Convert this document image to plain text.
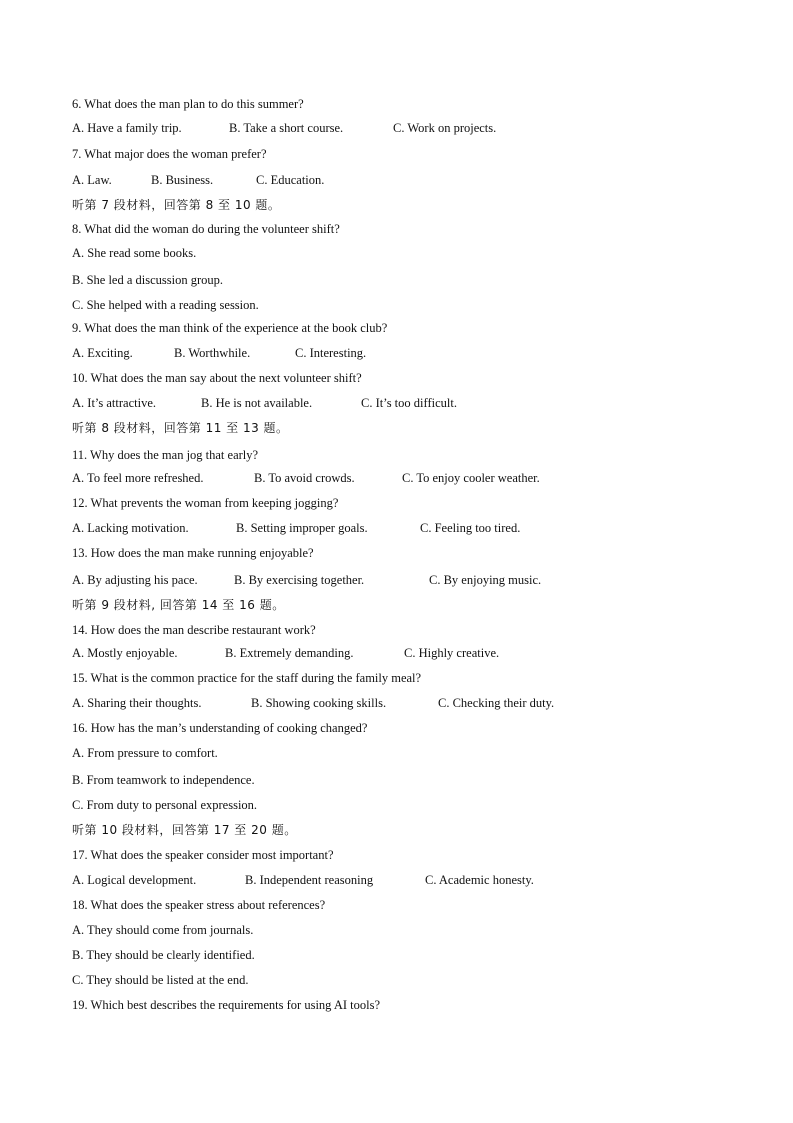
6. What does the man plan to do this summer?
A. Have a family trip.	B. Take a short course.	C. Work on projects.
7. What major does the woman prefer?
A. Law.	B. Business.	C. Education.
听第 7 段材料，回答第 8 至 10 题。
8. What did the woman do during the volunteer shift?
A. She read some books.
B. She led a discussion group.
C. She helped with a reading session.
9. What does the man think of the experience at the book club?
A. Exciting.	B. Worthwhile.	C. Interesting.
10. What does the man say about the next volunteer shift?
A. It’s attractive.	B. He is not available.	C. It’s too difficult.
听第 8 段材料，回答第 11 至 13 题。
11. Why does the man jog that early?
A. To feel more refreshed.	B. To avoid crowds.	C. To enjoy cooler weather.
12. What prevents the woman from keeping jogging?
A. Lacking motivation.	B. Setting improper goals.	C. Feeling too tired.
13. How does the man make running enjoyable?
A. By adjusting his pace.	B. By exercising together.	C. By enjoying music.
听第 9 段材料, 回答第 14 至 16 题。
14. How does the man describe restaurant work?
A. Mostly enjoyable.	B. Extremely demanding.	C. Highly creative.
15. What is the common practice for the staff during the family meal?
A. Sharing their thoughts.	B. Showing cooking skills.	C. Checking their duty.
16. How has the man’s understanding of cooking changed?
A. From pressure to comfort.
B. From teamwork to independence.
C. From duty to personal expression.
听第 10 段材料，回答第 17 至 20 题。
17. What does the speaker consider most important?
A. Logical development.	B. Independent reasoning	C. Academic honesty.
18. What does the speaker stress about references?
A. They should come from journals.
B. They should be clearly identified.
C. They should be listed at the end.
19. Which best describes the requirements for using AI tools?
